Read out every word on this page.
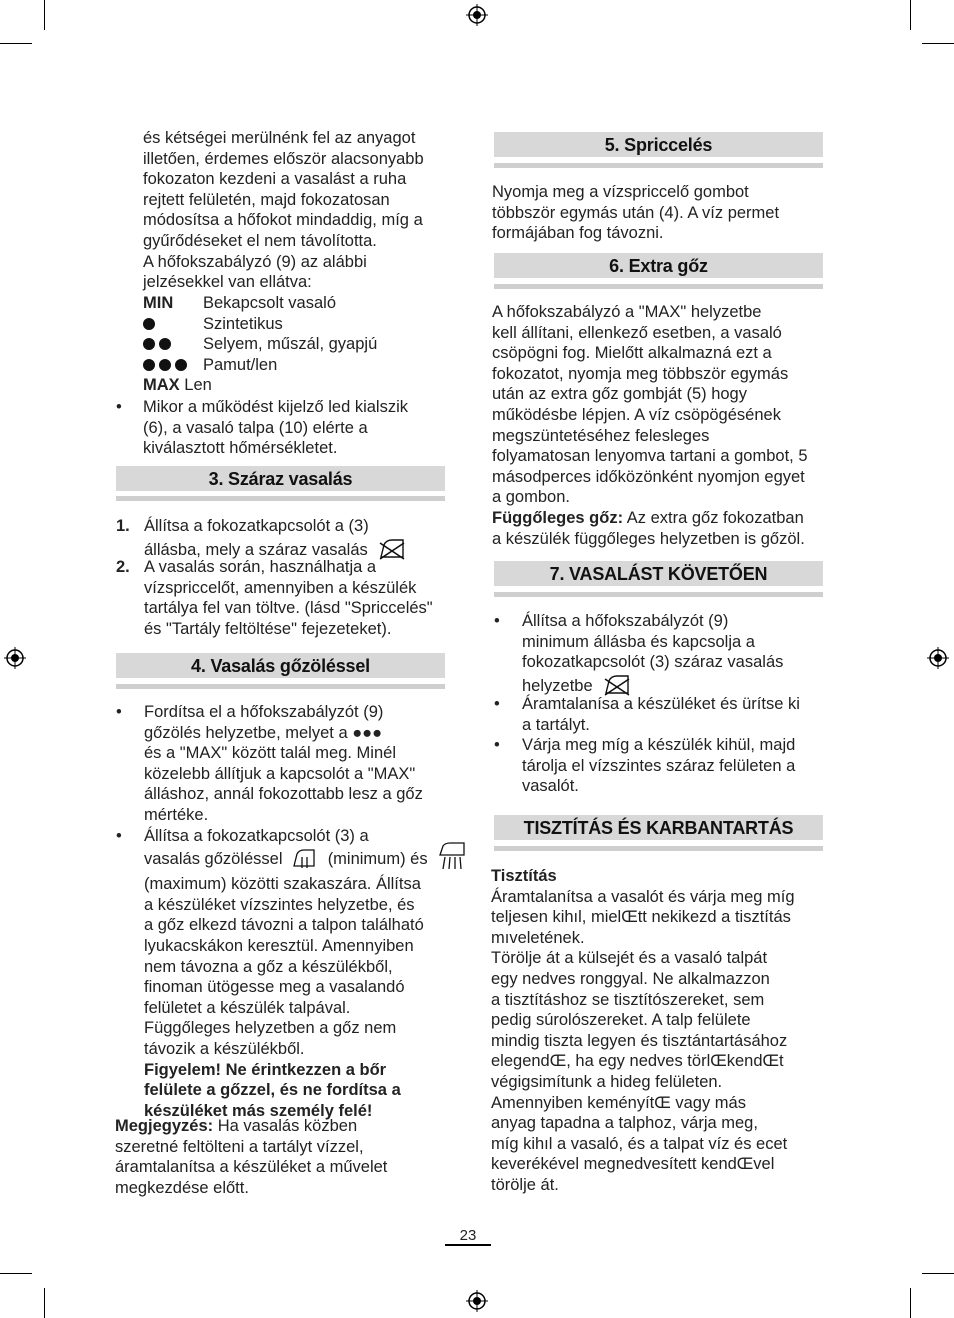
és kétségei merülnénk fel az anyagot
illetően, érdemes először alacsonyabb
fokozaton kezdeni a vasalást a ruha
rejtett felületén, majd fokozatosan
módosítsa a hőfokot mindaddig, míg a
gyűrődéseket el nem távolította.
A hőfokszabályzó (9) az alábbi
jelzésekkel van ellátva:
MIN Bekapcsolt vasaló
Szintetikus
Selyem, műszál, gyapjú
Pamut/len
MAX Len
• Mikor a működést kijelző led kialszik
(6), a vasaló talpa (10) elérte a
kiválasztott hőmérsékletet.
3. Száraz vasalás
1. Állítsa a fokozatkapcsolót a (3)
állásba, mely a száraz vasalás
2. A vasalás során, használhatja a
vízspriccelőt, amennyiben a készülék
tartálya fel van töltve. (lásd "Spriccelés"
és "Tartály feltöltése" fejezeteket).
4. Vasalás gőzöléssel
• Fordítsa el a hőfokszabályzót (9)
gőzölés helyzetbe, melyet a ●●●
és a "MAX" között talál meg. Minél
közelebb állítjuk a kapcsolót a "MAX"
álláshoz, annál fokozottabb lesz a gőz
mértéke.
• Állítsa a fokozatkapcsolót (3) a
vasalás gőzöléssel	(minimum) és
(maximum) közötti szakaszára. Állítsa
a készüléket vízszintes helyzetbe, és
a gőz elkezd távozni a talpon található
lyukacskákon keresztül. Amennyiben
nem távozna a gőz a készülékből,
finoman ütögesse meg a vasalandó
felületet a készülék talpával.
Függőleges helyzetben a gőz nem
távozik a készülékből.
Figyelem! Ne érintkezzen a bőr
felülete a gőzzel, és ne fordítsa a
készüléket más személy felé!
Megjegyzés: Ha vasalás közben
szeretné feltölteni a tartályt vízzel,
áramtalanítsa a készüléket a művelet
megkezdése előtt.
5. Spriccelés
Nyomja meg a vízspriccelő gombot
többször egymás után (4). A víz permet
formájában fog távozni.
6. Extra gőz
A hőfokszabályzó a "MAX" helyzetbe
kell állítani, ellenkező esetben, a vasaló
csöpögni fog. Mielőtt alkalmazná ezt a
fokozatot, nyomja meg többször egymás
után az extra gőz gombját (5) hogy
működésbe lépjen. A víz csöpögésének
megszüntetéséhez felesleges
folyamatosan lenyomva tartani a gombot, 5
másodperces időközönként nyomjon egyet
a gombon.
Függőleges gőz: Az extra gőz fokozatban
a készülék függőleges helyzetben is gőzöl.
7. VASALÁST KÖVETŐEN
• Állítsa a hőfokszabályzót (9)
minimum állásba és kapcsolja a
fokozatkapcsolót (3) száraz vasalás
helyzetbe
• Áramtalanísa a készüléket és ürítse ki
a tartályt.
• Várja meg míg a készülék kihül, majd
tárolja el vízszintes száraz felületen a
vasalót.
TISZTÍTÁS ÉS KARBANTARTÁS
Tisztítás
Áramtalanítsa a vasalót és várja meg míg
teljesen kihıl, mielŒtt nekikezd a tisztítás
mıveletének.
Törölje át a külsejét és a vasaló talpát
egy nedves ronggyal. Ne alkalmazzon
a tisztításhoz se tisztítószereket, sem
pedig súrolószereket. A talp felülete
mindig tiszta legyen és tisztántartásához
elegendŒ, ha egy nedves törlŒkendŒt
végigsimítunk a hideg felületen.
Amennyiben keményítŒ vagy más
anyag tapadna a talphoz, várja meg,
míg kihıl a vasaló, és a talpat víz és ecet
keverékével megnedvesített kendŒvel
törölje át.
23
